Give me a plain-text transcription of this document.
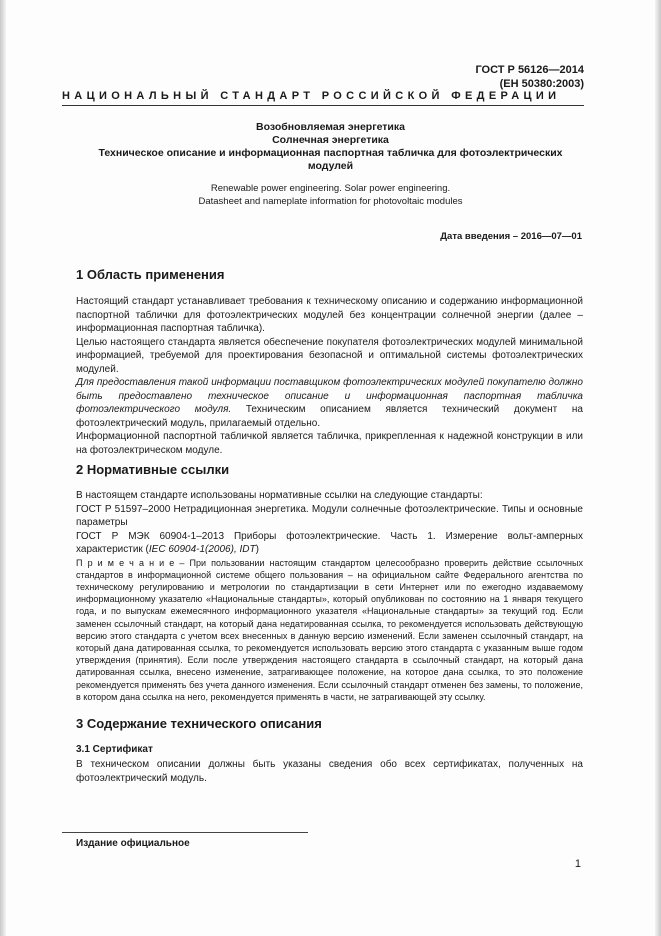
ГОСТ Р 56126—2014
(ЕН 50380:2003)
НАЦИОНАЛЬНЫЙ СТАНДАРТ РОССИЙСКОЙ ФЕДЕРАЦИИ
Возобновляемая энергетика
Солнечная энергетика
Техническое описание и информационная паспортная табличка для фотоэлектрических модулей
Renewable power engineering. Solar power engineering.
Datasheet and nameplate information for photovoltaic modules
Дата введения – 2016—07—01
1 Область применения

Настоящий стандарт устанавливает требования к техническому описанию и содержанию информационной паспортной таблички для фотоэлектрических модулей без концентрации солнечной энергии (далее – информационная паспортная табличка).

Целью настоящего стандарта является обеспечение покупателя фотоэлектрических модулей минимальной информацией, требуемой для проектирования безопасной и оптимальной системы фотоэлектрических модулей.

Для предоставления такой информации поставщиком фотоэлектрических модулей покупателю должно быть предоставлено техническое описание и информационная паспортная табличка фотоэлектрического модуля. Техническим описанием является технический документ на фотоэлектрический модуль, прилагаемый отдельно.

Информационной паспортной табличкой является табличка, прикрепленная к надежной конструкции в или на фотоэлектрическом модуле.

2 Нормативные ссылки

В настоящем стандарте использованы нормативные ссылки на следующие стандарты:

ГОСТ Р 51597–2000 Нетрадиционная энергетика. Модули солнечные фотоэлектрические. Типы и основные параметры

ГОСТ Р МЭК 60904-1–2013 Приборы фотоэлектрические. Часть 1. Измерение вольт-амперных характеристик (IEC 60904-1(2006), IDT)

П р и м е ч а н и е – При пользовании настоящим стандартом целесообразно проверить действие ссылочных стандартов в информационной системе общего пользования – на официальном сайте Федерального агентства по техническому регулированию и метрологии по стандартизации в сети Интернет или по ежегодно издаваемому информационному указателю «Национальные стандарты», который опубликован по состоянию на 1 января текущего года, и по выпускам ежемесячного информационного указателя «Национальные стандарты» за текущий год. Если заменен ссылочный стандарт, на который дана недатированная ссылка, то рекомендуется использовать действующую версию этого стандарта с учетом всех внесенных в данную версию изменений. Если заменен ссылочный стандарт, на который дана датированная ссылка, то рекомендуется использовать версию этого стандарта с указанным выше годом утверждения (принятия). Если после утверждения настоящего стандарта в ссылочный стандарт, на который дана датированная ссылка, внесено изменение, затрагивающее положение, на которое дана ссылка, то это положение рекомендуется применять без учета данного изменения. Если ссылочный стандарт отменен без замены, то положение, в котором дана ссылка на него, рекомендуется применять в части, не затрагивающей эту ссылку.

3 Содержание технического описания
3.1 Сертификат

В техническом описании должны быть указаны сведения обо всех сертификатах, полученных на фотоэлектрический модуль.

Издание официальное
1
